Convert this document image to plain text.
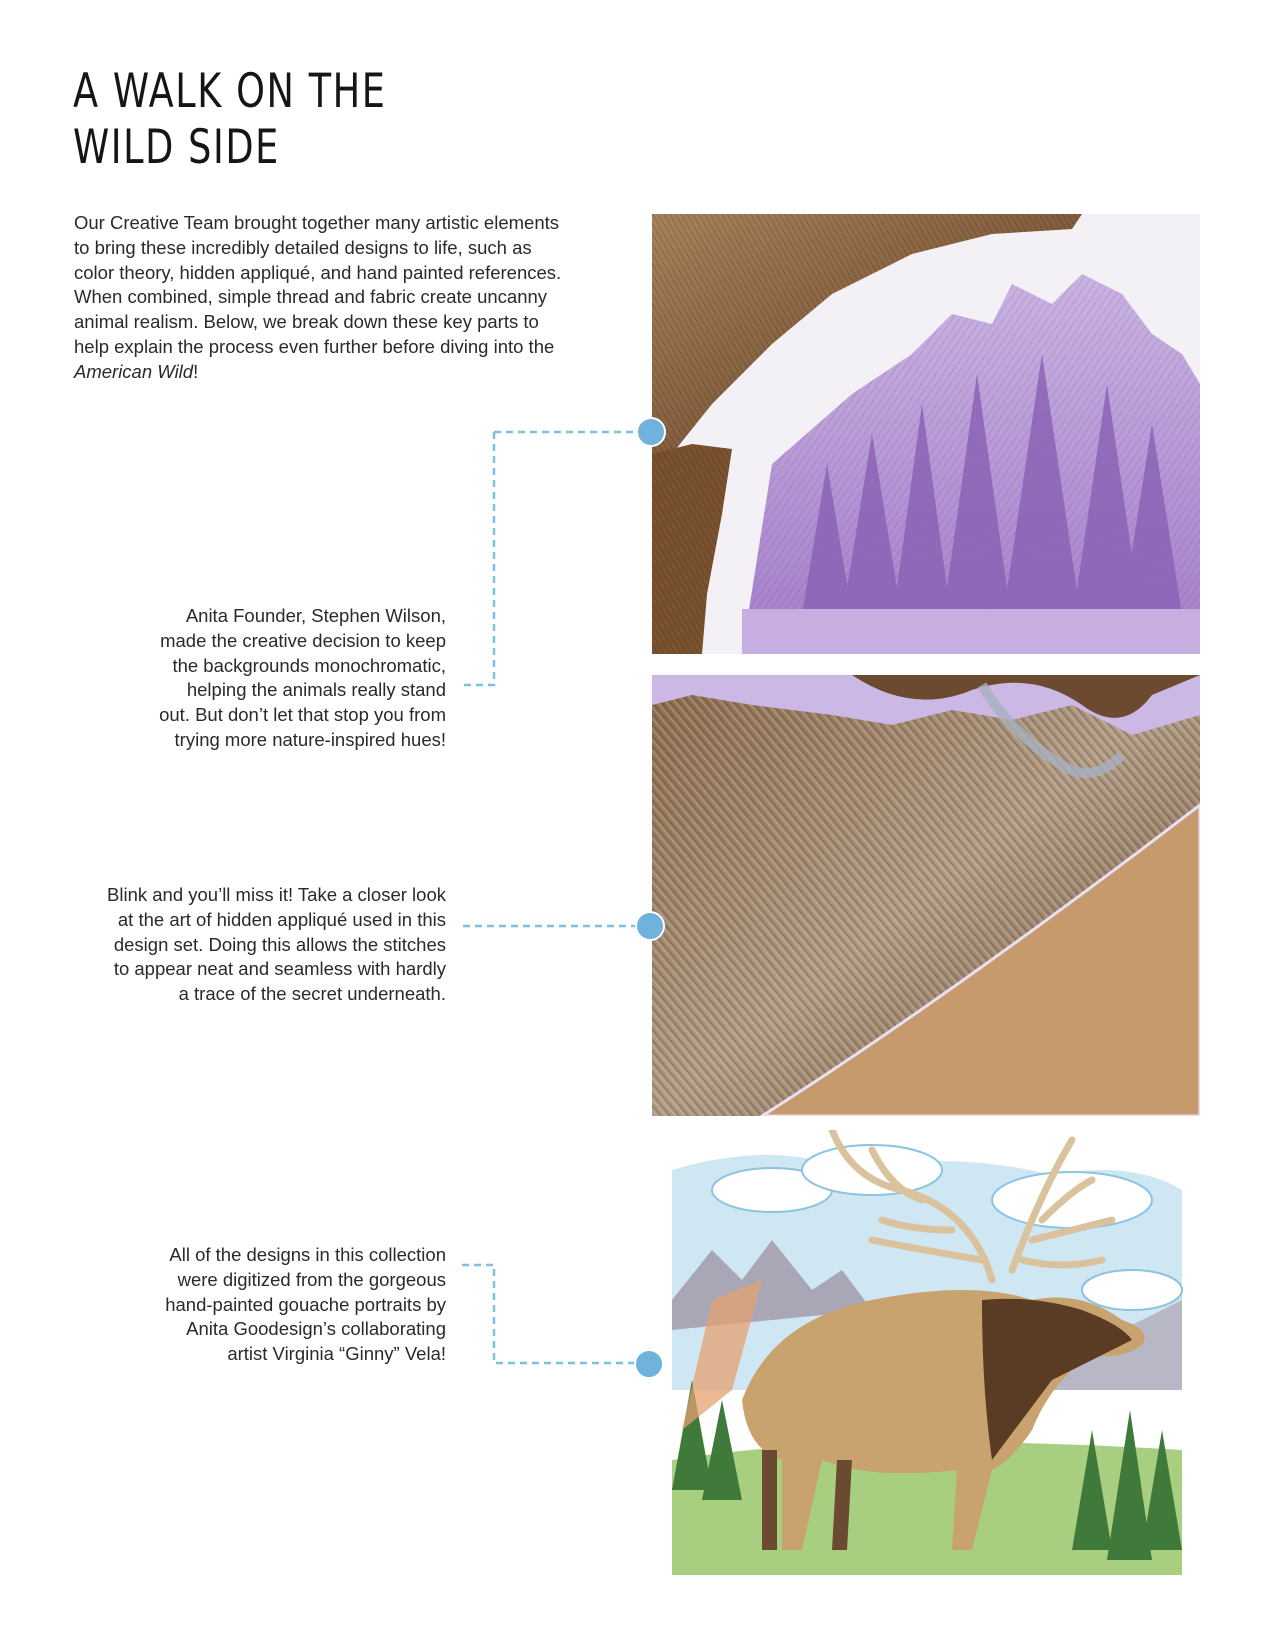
A WALK ON THE
WILD SIDE
Our Creative Team brought together many artistic elements
to bring these incredibly detailed designs to life, such as
color theory, hidden appliqué, and hand painted references.
When combined, simple thread and fabric create uncanny
animal realism. Below, we break down these key parts to
help explain the process even further before diving into the
American Wild!
Anita Founder, Stephen Wilson,
made the creative decision to keep
the backgrounds monochromatic,
helping the animals really stand
out. But don’t let that stop you from
trying more nature-inspired hues!
Blink and you’ll miss it! Take a closer look
at the art of hidden appliqué used in this
design set. Doing this allows the stitches
to appear neat and seamless with hardly
a trace of the secret underneath.
All of the designs in this collection
were digitized from the gorgeous
hand-painted gouache portraits by
Anita Goodesign’s collaborating
artist Virginia “Ginny” Vela!
